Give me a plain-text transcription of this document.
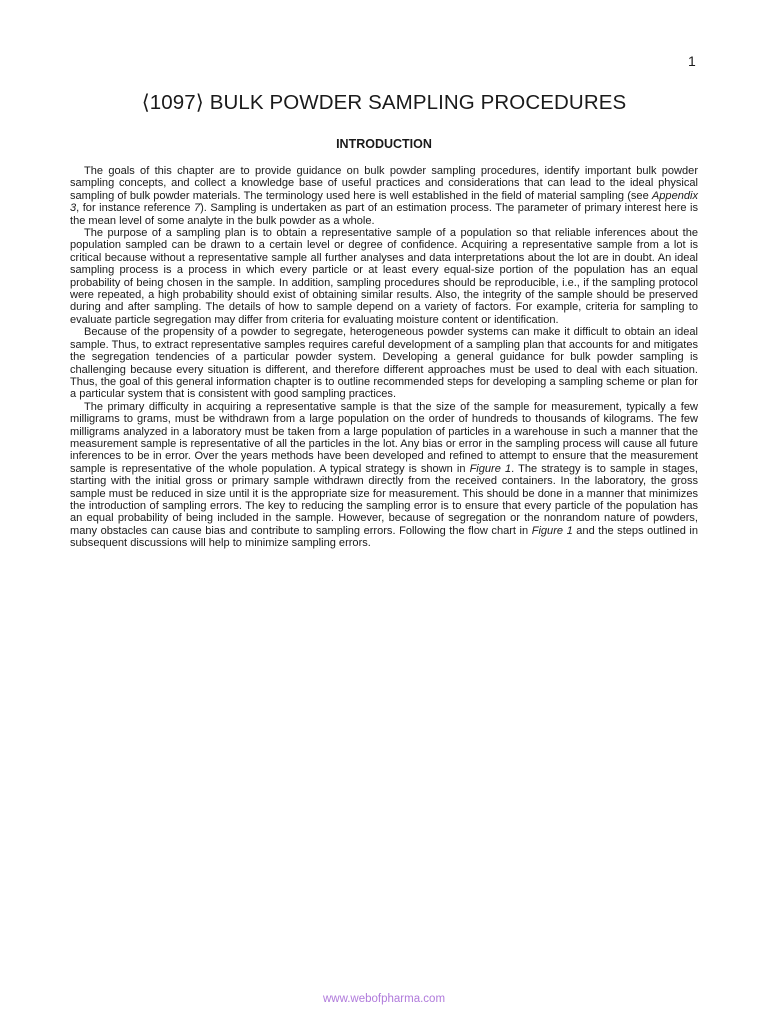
1
⟨1097⟩ BULK POWDER SAMPLING PROCEDURES
INTRODUCTION

The goals of this chapter are to provide guidance on bulk powder sampling procedures, identify important bulk powder sampling concepts, and collect a knowledge base of useful practices and considerations that can lead to the ideal physical sampling of bulk powder materials. The terminology used here is well established in the field of material sampling (see Appendix 3, for instance reference 7). Sampling is undertaken as part of an estimation process. The parameter of primary interest here is the mean level of some analyte in the bulk powder as a whole.

The purpose of a sampling plan is to obtain a representative sample of a population so that reliable inferences about the population sampled can be drawn to a certain level or degree of confidence. Acquiring a representative sample from a lot is critical because without a representative sample all further analyses and data interpretations about the lot are in doubt. An ideal sampling process is a process in which every particle or at least every equal-size portion of the population has an equal probability of being chosen in the sample. In addition, sampling procedures should be reproducible, i.e., if the sampling protocol were repeated, a high probability should exist of obtaining similar results. Also, the integrity of the sample should be preserved during and after sampling. The details of how to sample depend on a variety of factors. For example, criteria for sampling to evaluate particle segregation may differ from criteria for evaluating moisture content or identification.

Because of the propensity of a powder to segregate, heterogeneous powder systems can make it difficult to obtain an ideal sample. Thus, to extract representative samples requires careful development of a sampling plan that accounts for and mitigates the segregation tendencies of a particular powder system. Developing a general guidance for bulk powder sampling is challenging because every situation is different, and therefore different approaches must be used to deal with each situation. Thus, the goal of this general information chapter is to outline recommended steps for developing a sampling scheme or plan for a particular system that is consistent with good sampling practices.

The primary difficulty in acquiring a representative sample is that the size of the sample for measurement, typically a few milligrams to grams, must be withdrawn from a large population on the order of hundreds to thousands of kilograms. The few milligrams analyzed in a laboratory must be taken from a large population of particles in a warehouse in such a manner that the measurement sample is representative of all the particles in the lot. Any bias or error in the sampling process will cause all future inferences to be in error. Over the years methods have been developed and refined to attempt to ensure that the measurement sample is representative of the whole population. A typical strategy is shown in Figure 1. The strategy is to sample in stages, starting with the initial gross or primary sample withdrawn directly from the received containers. In the laboratory, the gross sample must be reduced in size until it is the appropriate size for measurement. This should be done in a manner that minimizes the introduction of sampling errors. The key to reducing the sampling error is to ensure that every particle of the population has an equal probability of being included in the sample. However, because of segregation or the nonrandom nature of powders, many obstacles can cause bias and contribute to sampling errors. Following the flow chart in Figure 1 and the steps outlined in subsequent discussions will help to minimize sampling errors.

www.webofpharma.com
